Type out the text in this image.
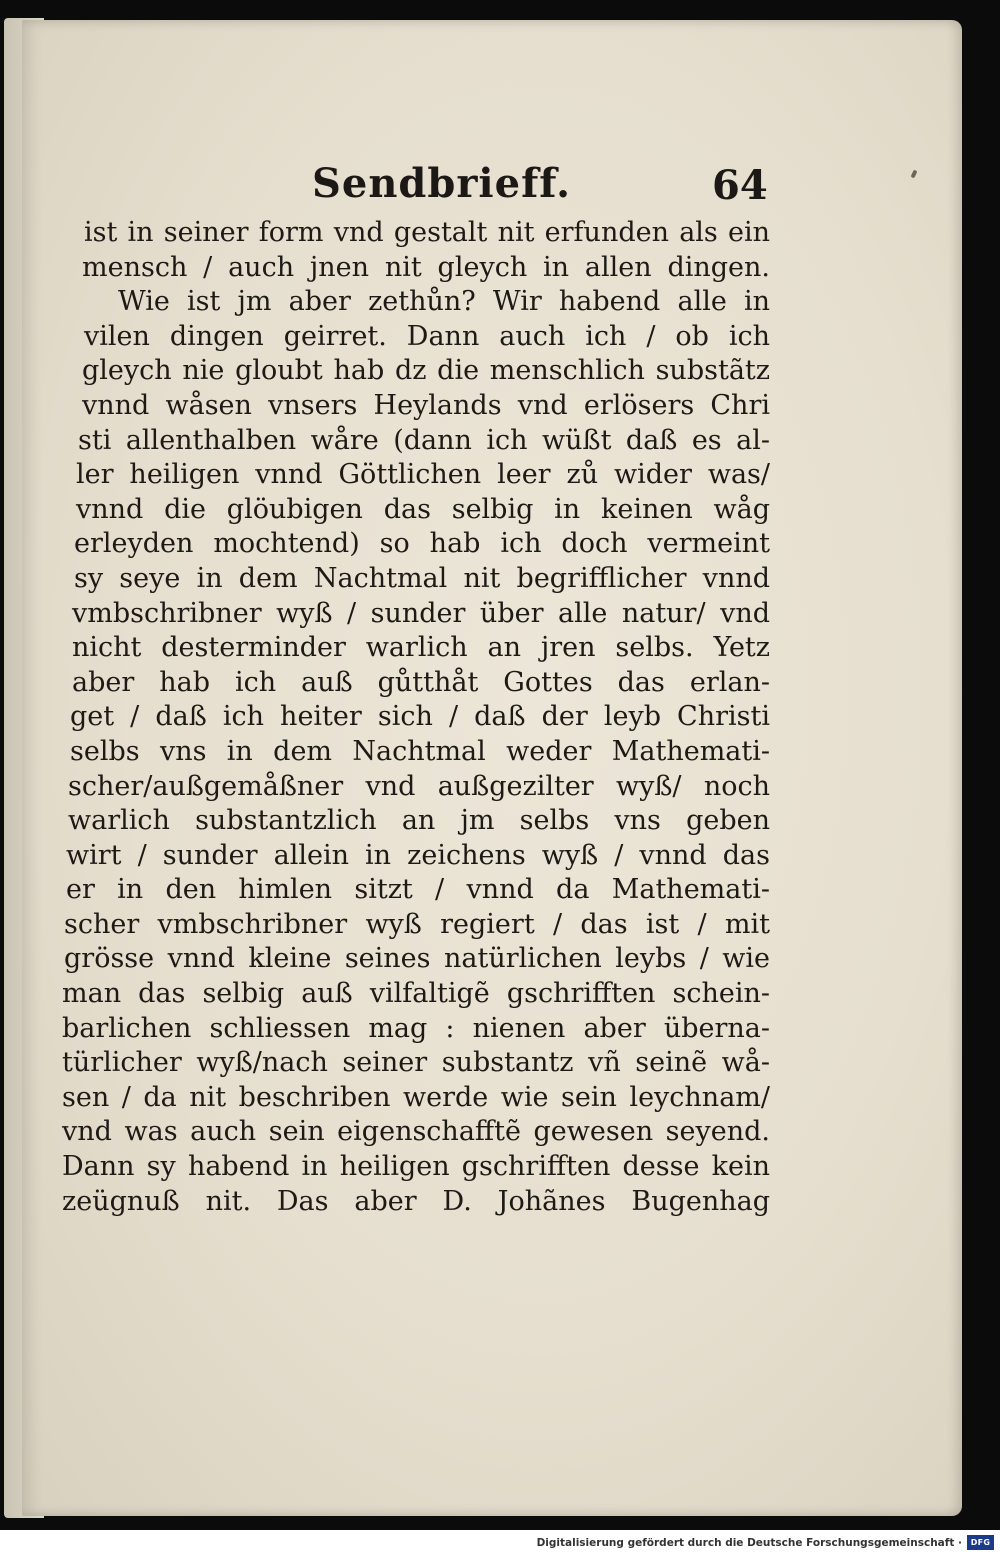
Sendbrieff.	64
ist in seiner form vnd gestalt nit erfunden als ein
mensch / auch jnen nit gleych in allen dingen.
Wie ist jm aber zethůn? Wir habend alle in
vilen dingen geirret. Dann auch ich / ob ich
gleych nie gloubt hab dz die menschlich substãtz
vnnd wåsen vnsers Heylands vnd erlösers Chri
sti allenthalben wåre (dann ich wüßt daß es al-
ler heiligen vnnd Göttlichen leer zů wider was/
vnnd die glöubigen das selbig in keinen wåg
erleyden mochtend) so hab ich doch vermeint
sy seye in dem Nachtmal nit begrifflicher vnnd
vmbschribner wyß / sunder über alle natur/ vnd
nicht desterminder warlich an jren selbs. Yetz
aber hab ich auß gůtthåt Gottes das erlan-
get / daß ich heiter sich / daß der leyb Christi
selbs vns in dem Nachtmal weder Mathemati-
scher/außgemåßner vnd außgezilter wyß/ noch
warlich substantzlich an jm selbs vns geben
wirt / sunder allein in zeichens wyß / vnnd das
er in den himlen sitzt / vnnd da Mathemati-
scher vmbschribner wyß regiert / das ist / mit
grösse vnnd kleine seines natürlichen leybs / wie
man das selbig auß vilfaltigẽ gschrifften schein-
barlichen schliessen mag : nienen aber überna-
türlicher wyß/nach seiner substantz vñ seinẽ wå-
sen / da nit beschriben werde wie sein leychnam/
vnd was auch sein eigenschafftẽ gewesen seyend.
Dann sy habend in heiligen gschrifften desse kein
zeügnuß nit. Das aber D. Johãnes Bugenhag
Digitalisierung gefördert durch die Deutsche Forschungsgemeinschaft ·	DFG
